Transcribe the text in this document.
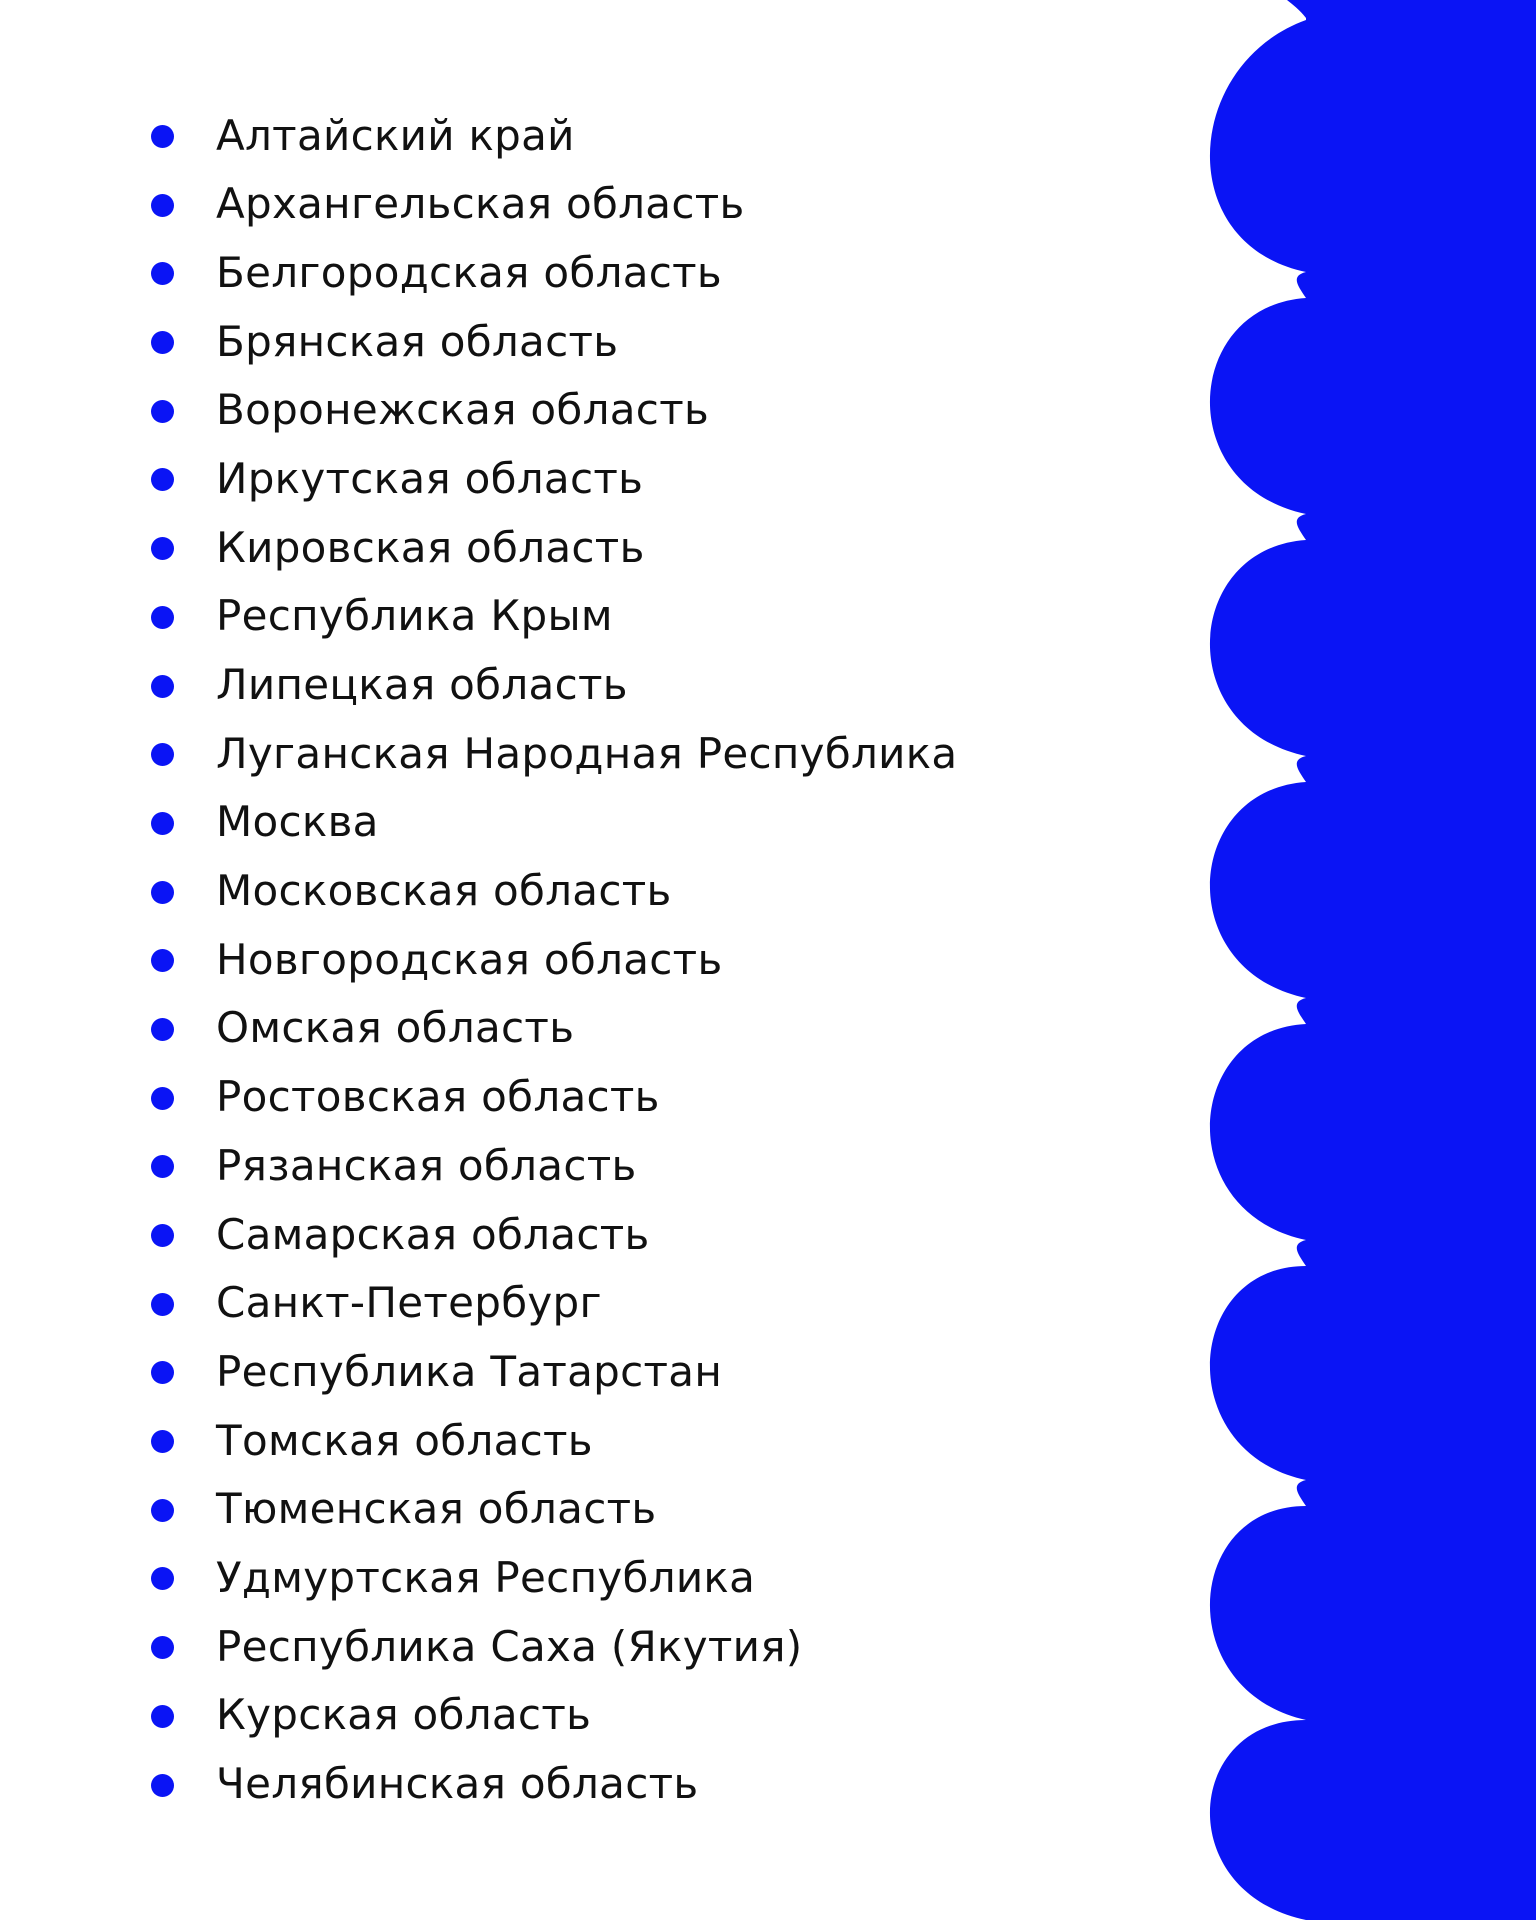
Алтайский край
Архангельская область
Белгородская область
Брянская область
Воронежская область
Иркутская область
Кировская область
Республика Крым
Липецкая область
Луганская Народная Республика
Москва
Московская область
Новгородская область
Омская область
Ростовская область
Рязанская область
Самарская область
Санкт-Петербург
Республика Татарстан
Томская область
Тюменская область
Удмуртская Республика
Республика Саха (Якутия)
Курская область
Челябинская область
